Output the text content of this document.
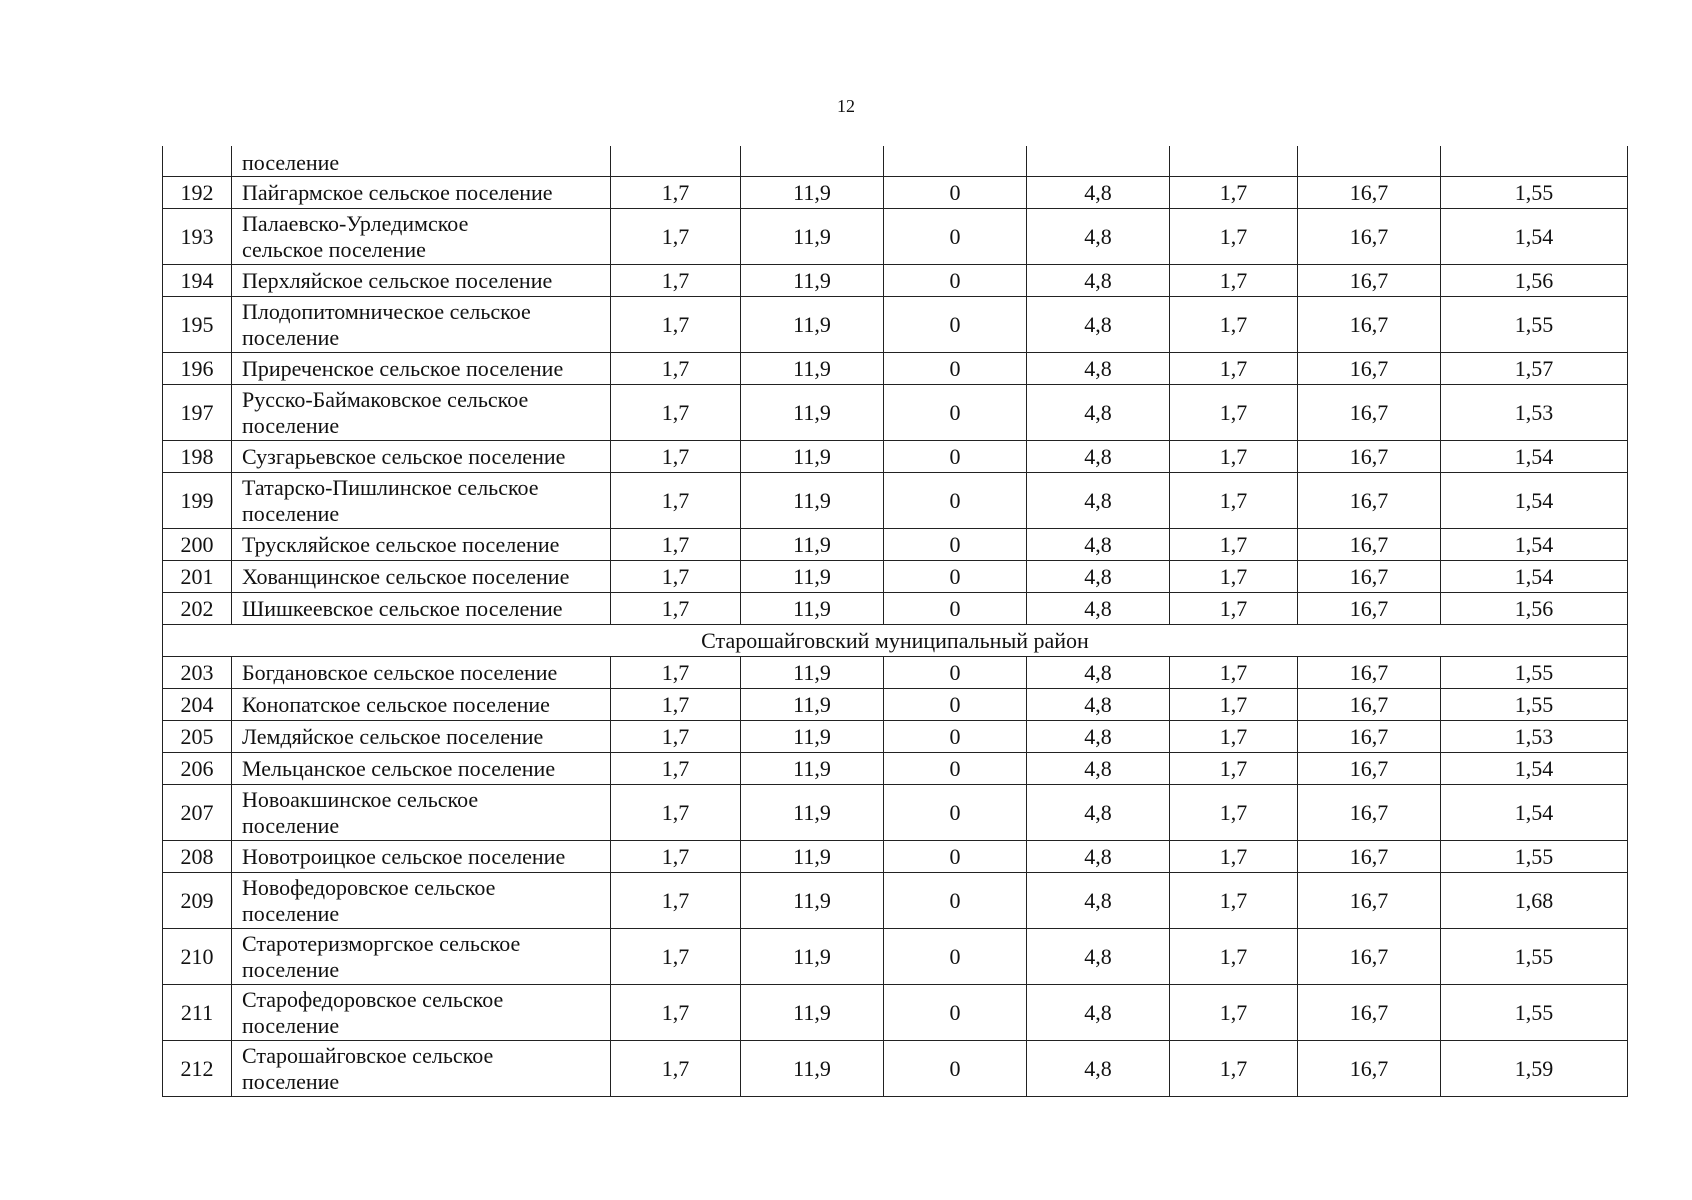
12
	поселение							
192	Пайгармское сельское поселение	1,7	11,9	0	4,8	1,7	16,7	1,55
193	Палаевско-Урледимское сельское поселение	1,7	11,9	0	4,8	1,7	16,7	1,54
194	Перхляйское сельское поселение	1,7	11,9	0	4,8	1,7	16,7	1,56
195	Плодопитомническое сельское поселение	1,7	11,9	0	4,8	1,7	16,7	1,55
196	Приреченское сельское поселение	1,7	11,9	0	4,8	1,7	16,7	1,57
197	Русско-Баймаковское сельское поселение	1,7	11,9	0	4,8	1,7	16,7	1,53
198	Сузгарьевское сельское поселение	1,7	11,9	0	4,8	1,7	16,7	1,54
199	Татарско-Пишлинское сельское поселение	1,7	11,9	0	4,8	1,7	16,7	1,54
200	Трускляйское сельское поселение	1,7	11,9	0	4,8	1,7	16,7	1,54
201	Хованщинское сельское поселение	1,7	11,9	0	4,8	1,7	16,7	1,54
202	Шишкеевское сельское поселение	1,7	11,9	0	4,8	1,7	16,7	1,56
Старошайговский муниципальный район								
203	Богдановское сельское поселение	1,7	11,9	0	4,8	1,7	16,7	1,55
204	Конопатское сельское поселение	1,7	11,9	0	4,8	1,7	16,7	1,55
205	Лемдяйское сельское поселение	1,7	11,9	0	4,8	1,7	16,7	1,53
206	Мельцанское сельское поселение	1,7	11,9	0	4,8	1,7	16,7	1,54
207	Новоакшинское сельское поселение	1,7	11,9	0	4,8	1,7	16,7	1,54
208	Новотроицкое сельское поселение	1,7	11,9	0	4,8	1,7	16,7	1,55
209	Новофедоровское сельское поселение	1,7	11,9	0	4,8	1,7	16,7	1,68
210	Старотеризморгское сельское поселение	1,7	11,9	0	4,8	1,7	16,7	1,55
211	Старофедоровское сельское поселение	1,7	11,9	0	4,8	1,7	16,7	1,55
212	Старошайговское сельское поселение	1,7	11,9	0	4,8	1,7	16,7	1,59
